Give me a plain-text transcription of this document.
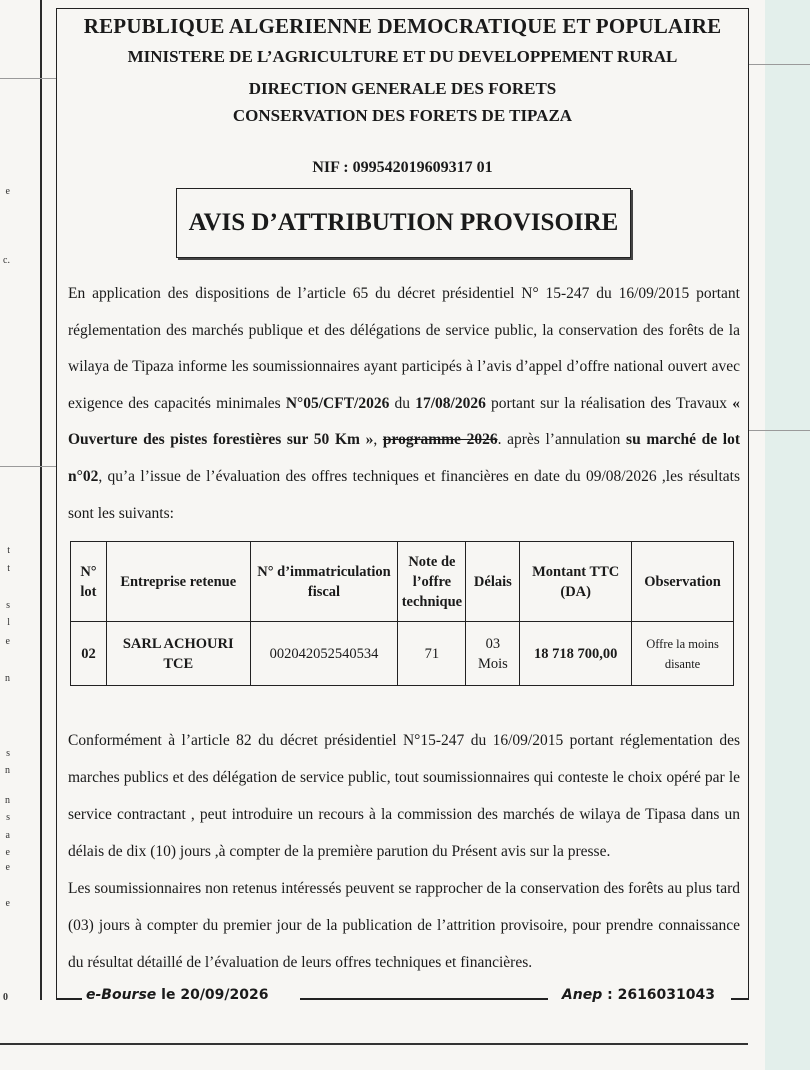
e
c.
t
t
s
l
e
n
s
n
n
s
a
e
e
e
0
REPUBLIQUE ALGERIENNE DEMOCRATIQUE ET POPULAIRE
MINISTERE DE L’AGRICULTURE ET DU DEVELOPPEMENT RURAL
DIRECTION GENERALE DES FORETS
CONSERVATION DES FORETS DE TIPAZA
NIF : 099542019609317 01
AVIS D’ATTRIBUTION PROVISOIRE

En application des dispositions de l’article 65 du décret présidentiel N° 15-247 du 16/09/2015 portant réglementation des marchés publique et des délégations de service public, la conservation des forêts de la wilaya de Tipaza informe les soumissionnaires ayant participés à l’avis d’appel d’offre national ouvert avec exigence des capacités minimales N°05/CFT/2026 du 17/08/2026 portant sur la réalisation des Travaux « Ouverture des pistes forestières sur 50 Km », programme 2026. après l’annulation su marché de lot n°02, qu’a l’issue de l’évaluation des offres techniques et financières en date du 09/08/2026 ,les résultats sont les suivants:

N° lot	Entreprise retenue	N° d’immatriculation fiscal	Note de l’offre technique	Délais	Montant TTC (DA)	Observation
02	SARL ACHOURI TCE	002042052540534	71	03 Mois	18 718 700,00	Offre la moins disante

Conformément à l’article 82 du décret présidentiel N°15-247 du 16/09/2015 portant réglementation des marches publics et des délégation de service public, tout soumissionnaires qui conteste le choix opéré par le service contractant , peut introduire un recours à la commission des marchés de wilaya de Tipasa dans un délais de dix (10) jours ,à compter de la première parution du Présent avis sur la presse.

Les soumissionnaires non retenus intéressés peuvent se rapprocher de la conservation des forêts au plus tard (03) jours à compter du premier jour de la publication de l’attrition provisoire, pour prendre connaissance du résultat détaillé de l’évaluation de leurs offres techniques et financières.

e-Bourse le 20/09/2026	Anep : 2616031043
